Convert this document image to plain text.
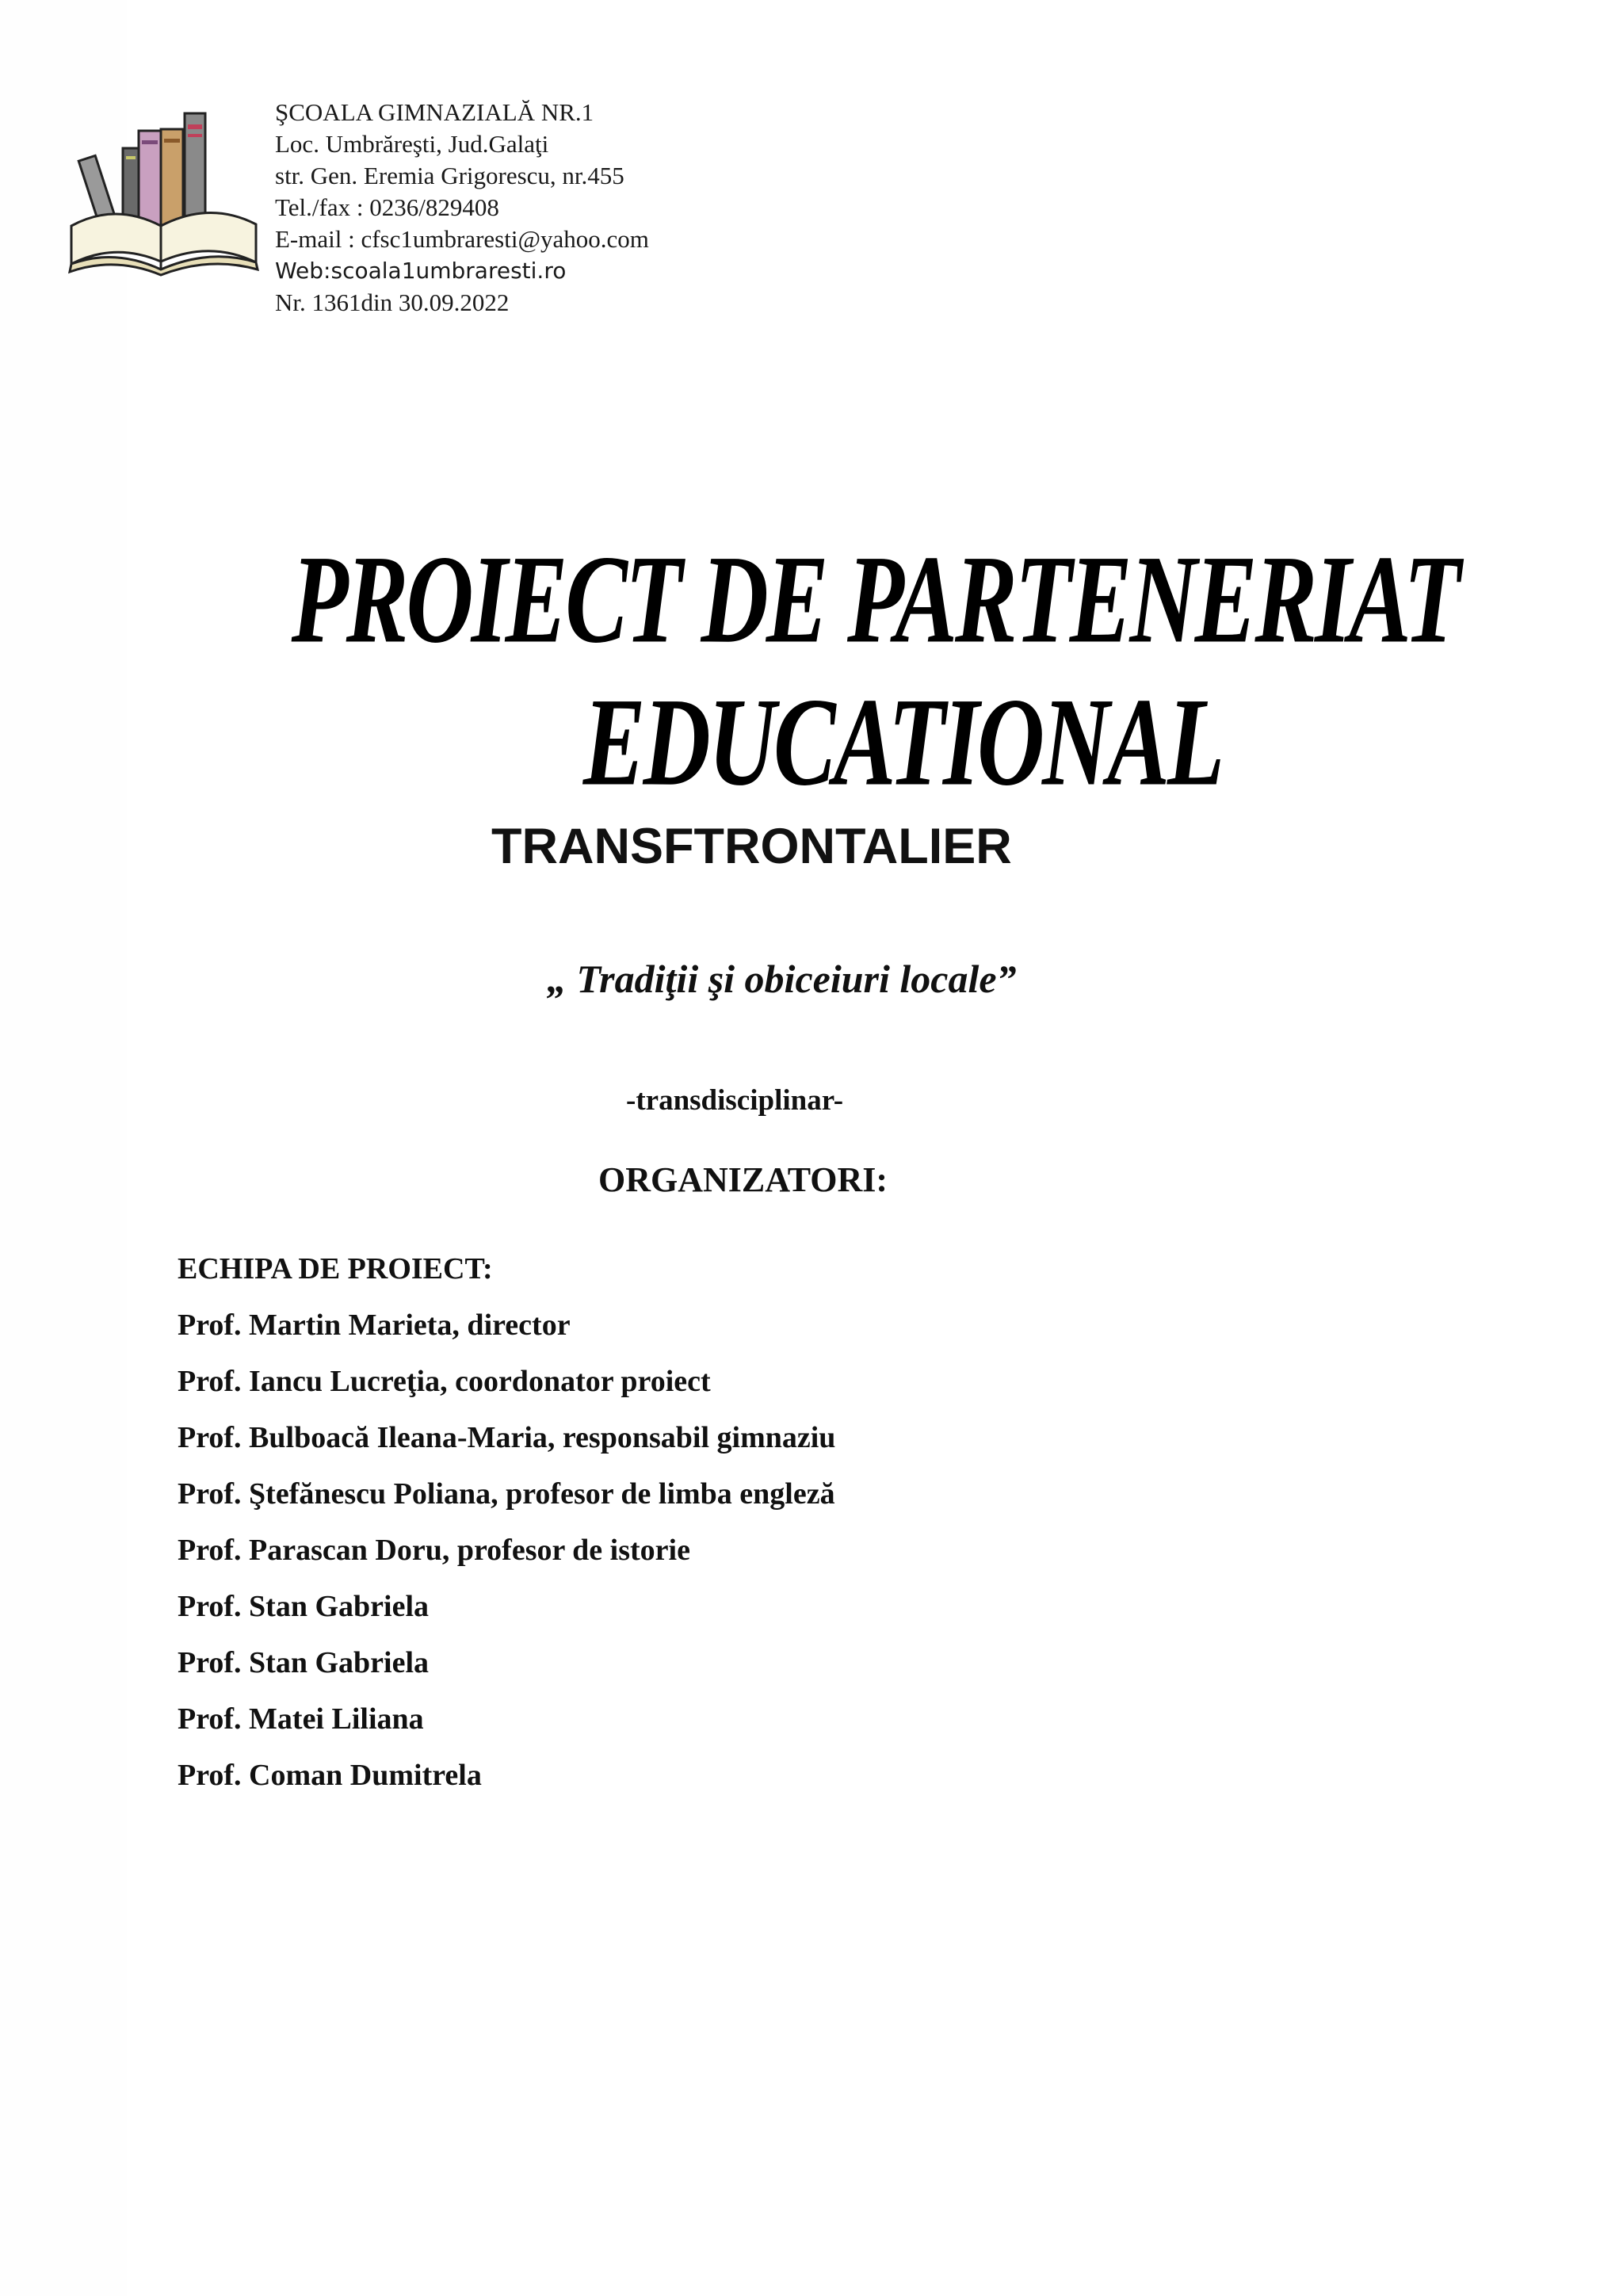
ŞCOALA GIMNAZIALĂ NR.1
Loc. Umbrăreşti, Jud.Galaţi
str. Gen. Eremia Grigorescu, nr.455
Tel./fax : 0236/829408
E-mail : cfsc1umbraresti@yahoo.com
Web:scoala1umbraresti.ro
Nr. 1361din 30.09.2022
PROIECT DE PARTENERIAT
EDUCATIONAL
TRANSFTRONTALIER
„ Tradiţii şi obiceiuri locale”
-transdisciplinar-
ORGANIZATORI:
ECHIPA DE PROIECT:
Prof. Martin Marieta, director
Prof. Iancu Lucreţia, coordonator proiect
Prof. Bulboacă Ileana-Maria, responsabil gimnaziu
Prof. Ştefănescu Poliana, profesor de limba engleză
Prof. Parascan Doru, profesor de istorie
Prof. Stan Gabriela
Prof. Stan Gabriela
Prof. Matei Liliana
Prof. Coman Dumitrela
